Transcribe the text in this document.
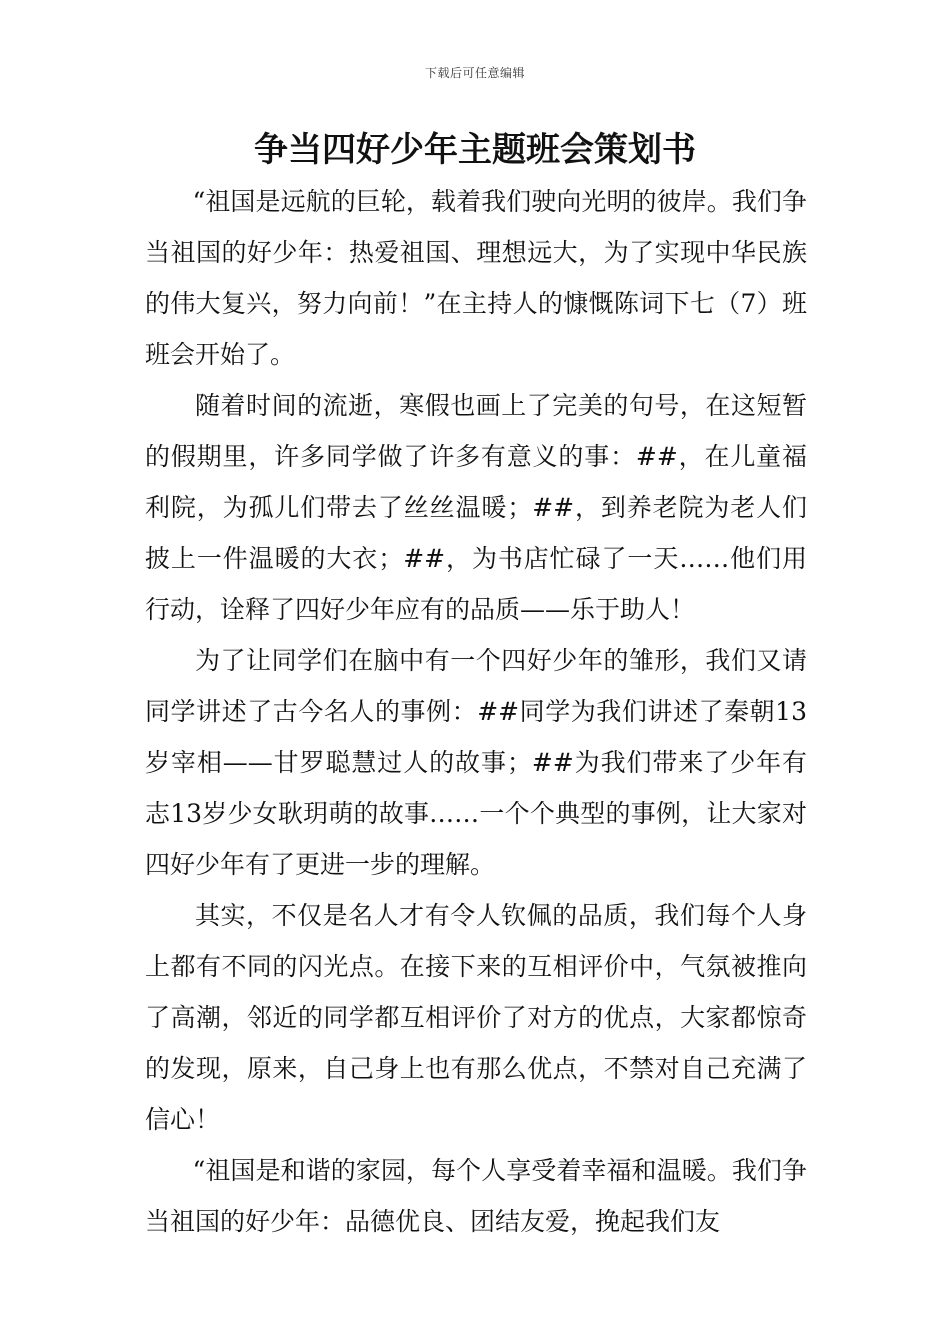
下载后可任意编辑
争当四好少年主题班会策划书

“祖国是远航的巨轮，载着我们驶向光明的彼岸。我们争当祖国的好少年：热爱祖国、理想远大，为了实现中华民族的伟大复兴，努力向前！”在主持人的慷慨陈词下七（7）班班会开始了。

随着时间的流逝，寒假也画上了完美的句号，在这短暂的假期里，许多同学做了许多有意义的事：##，在儿童福利院，为孤儿们带去了丝丝温暖；##，到养老院为老人们披上一件温暖的大衣；##，为书店忙碌了一天……他们用行动，诠释了四好少年应有的品质——乐于助人！

为了让同学们在脑中有一个四好少年的雏形，我们又请同学讲述了古今名人的事例：##同学为我们讲述了秦朝13岁宰相——甘罗聪慧过人的故事；##为我们带来了少年有志13岁少女耿玥萌的故事……一个个典型的事例，让大家对四好少年有了更进一步的理解。

其实，不仅是名人才有令人钦佩的品质，我们每个人身上都有不同的闪光点。在接下来的互相评价中，气氛被推向了高潮，邻近的同学都互相评价了对方的优点，大家都惊奇的发现，原来，自己身上也有那么优点，不禁对自己充满了信心！

“祖国是和谐的家园，每个人享受着幸福和温暖。我们争当祖国的好少年：品德优良、团结友爱，挽起我们友
